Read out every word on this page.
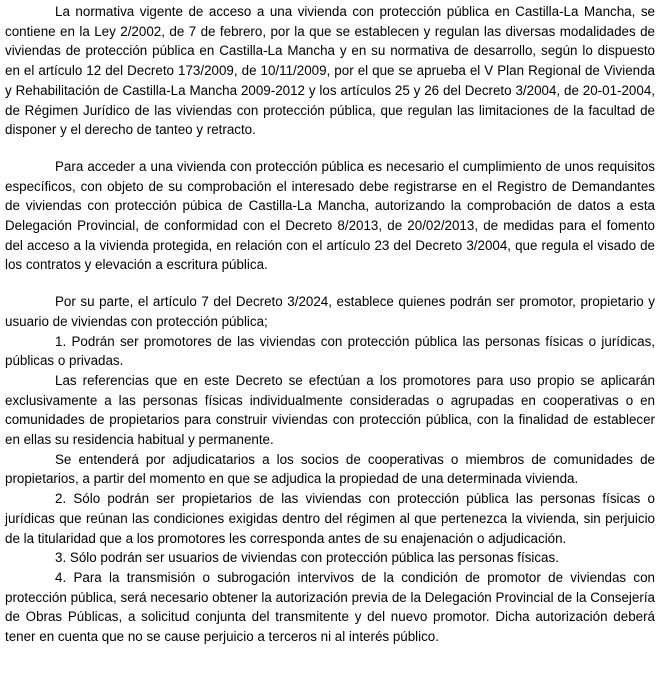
La normativa vigente de acceso a una vivienda con protección pública en Castilla-La Mancha, se contiene en la Ley 2/2002, de 7 de febrero, por la que se establecen y regulan las diversas modalidades de viviendas de protección pública en Castilla-La Mancha y en su normativa de desarrollo, según lo dispuesto en el artículo 12 del Decreto 173/2009, de 10/11/2009, por el que se aprueba el V Plan Regional de Vivienda y Rehabilitación de Castilla-La Mancha 2009-2012 y los artículos 25 y 26 del Decreto 3/2004, de 20-01-2004, de Régimen Jurídico de las viviendas con protección pública, que regulan las limitaciones de la facultad de disponer y el derecho de tanteo y retracto.

Para acceder a una vivienda con protección pública es necesario el cumplimiento de unos requisitos específicos, con objeto de su comprobación el interesado debe registrarse en el Registro de Demandantes de viviendas con protección púbica de Castilla-La Mancha, autorizando la comprobación de datos a esta Delegación Provincial, de conformidad con el Decreto 8/2013, de 20/02/2013, de medidas para el fomento del acceso a la vivienda protegida, en relación con el artículo 23 del Decreto 3/2004, que regula el visado de los contratos y elevación a escritura pública.

Por su parte, el artículo 7 del Decreto 3/2024, establece quienes podrán ser promotor, propietario y usuario de viviendas con protección pública;

1. Podrán ser promotores de las viviendas con protección pública las personas físicas o jurídicas, públicas o privadas.

Las referencias que en este Decreto se efectúan a los promotores para uso propio se aplicarán exclusivamente a las personas físicas individualmente consideradas o agrupadas en cooperativas o en comunidades de propietarios para construir viviendas con protección pública, con la finalidad de establecer en ellas su residencia habitual y permanente.

Se entenderá por adjudicatarios a los socios de cooperativas o miembros de comunidades de propietarios, a partir del momento en que se adjudica la propiedad de una determinada vivienda.

2. Sólo podrán ser propietarios de las viviendas con protección pública las personas físicas o jurídicas que reúnan las condiciones exigidas dentro del régimen al que pertenezca la vivienda, sin perjuicio de la titularidad que a los promotores les corresponda antes de su enajenación o adjudicación.

3. Sólo podrán ser usuarios de viviendas con protección pública las personas físicas.

4. Para la transmisión o subrogación intervivos de la condición de promotor de viviendas con protección pública, será necesario obtener la autorización previa de la Delegación Provincial de la Consejería de Obras Públicas, a solicitud conjunta del transmitente y del nuevo promotor. Dicha autorización deberá tener en cuenta que no se cause perjuicio a terceros ni al interés público.
